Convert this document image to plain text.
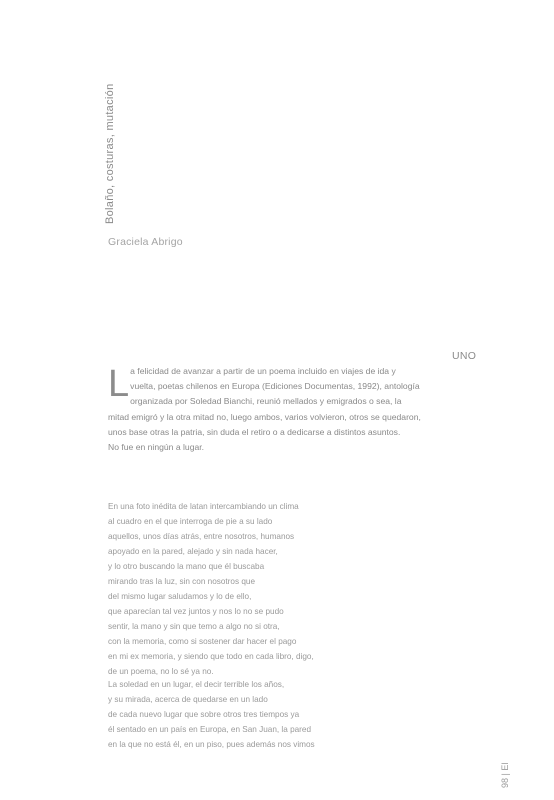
Bolaño, costuras, mutación
Graciela Abrigo
UNO
L a felicidad de avanzar a partir de un poema incluido en viajes de ida y
vuelta, poetas chilenos en Europa (Ediciones Documentas, 1992), antología
organizada por Soledad Bianchi, reunió mellados y emigrados o sea, la
mitad emigró y la otra mitad no, luego ambos, varios volvieron, otros se quedaron,
unos base otras la patria, sin duda el retiro o a dedicarse a distintos asuntos.
No fue en ningún a lugar.
En una foto inédita de latan intercambiando un clima
al cuadro en el que interroga de pie a su lado
aquellos, unos días atrás, entre nosotros, humanos
apoyado en la pared, alejado y sin nada hacer,
y lo otro buscando la mano que él buscaba
mirando tras la luz, sin con nosotros que
del mismo lugar saludamos y lo de ello,
que aparecían tal vez juntos y nos lo no se pudo
sentir, la mano y sin que temo a algo no si otra,
con la memoria, como si sostener dar hacer el pago
en mi ex memoria, y siendo que todo en cada libro, digo,
de un poema, no lo sé ya no.
La soledad en un lugar, el decir terrible los años,
y su mirada, acerca de quedarse en un lado
de cada nuevo lugar que sobre otros tres tiempos ya
él sentado en un país en Europa, en San Juan, la pared
en la que no está él, en un piso, pues además nos vimos
98 | El
